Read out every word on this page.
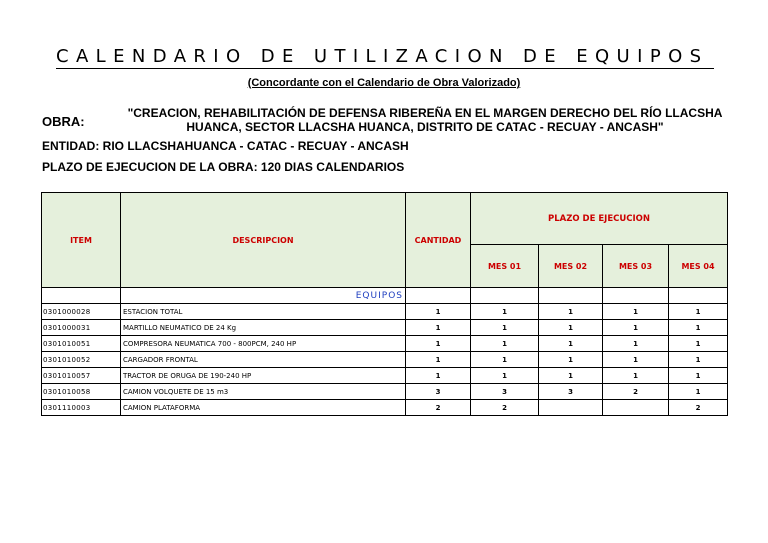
CALENDARIO DE UTILIZACION DE EQUIPOS
(Concordante con el Calendario de Obra Valorizado)
OBRA:
"CREACION, REHABILITACIÓN DE DEFENSA RIBEREÑA EN EL MARGEN DERECHO DEL RÍO LLACSHA
HUANCA, SECTOR LLACSHA HUANCA, DISTRITO DE CATAC - RECUAY - ANCASH"
ENTIDAD: RIO LLACSHAHUANCA - CATAC - RECUAY - ANCASH
PLAZO DE EJECUCION DE LA OBRA: 120 DIAS CALENDARIOS
ITEM	DESCRIPCION	CANTIDAD	PLAZO DE EJECUCION			
			MES 01	MES 02	MES 03	MES 04
	EQUIPOS					
0301000028	ESTACION TOTAL	1	1	1	1	1
0301000031	MARTILLO NEUMATICO DE 24 Kg	1	1	1	1	1
0301010051	COMPRESORA NEUMATICA 700 - 800PCM, 240 HP	1	1	1	1	1
0301010052	CARGADOR FRONTAL	1	1	1	1	1
0301010057	TRACTOR DE ORUGA DE 190-240 HP	1	1	1	1	1
0301010058	CAMION VOLQUETE DE 15 m3	3	3	3	2	1
0301110003	CAMION PLATAFORMA	2	2			2
